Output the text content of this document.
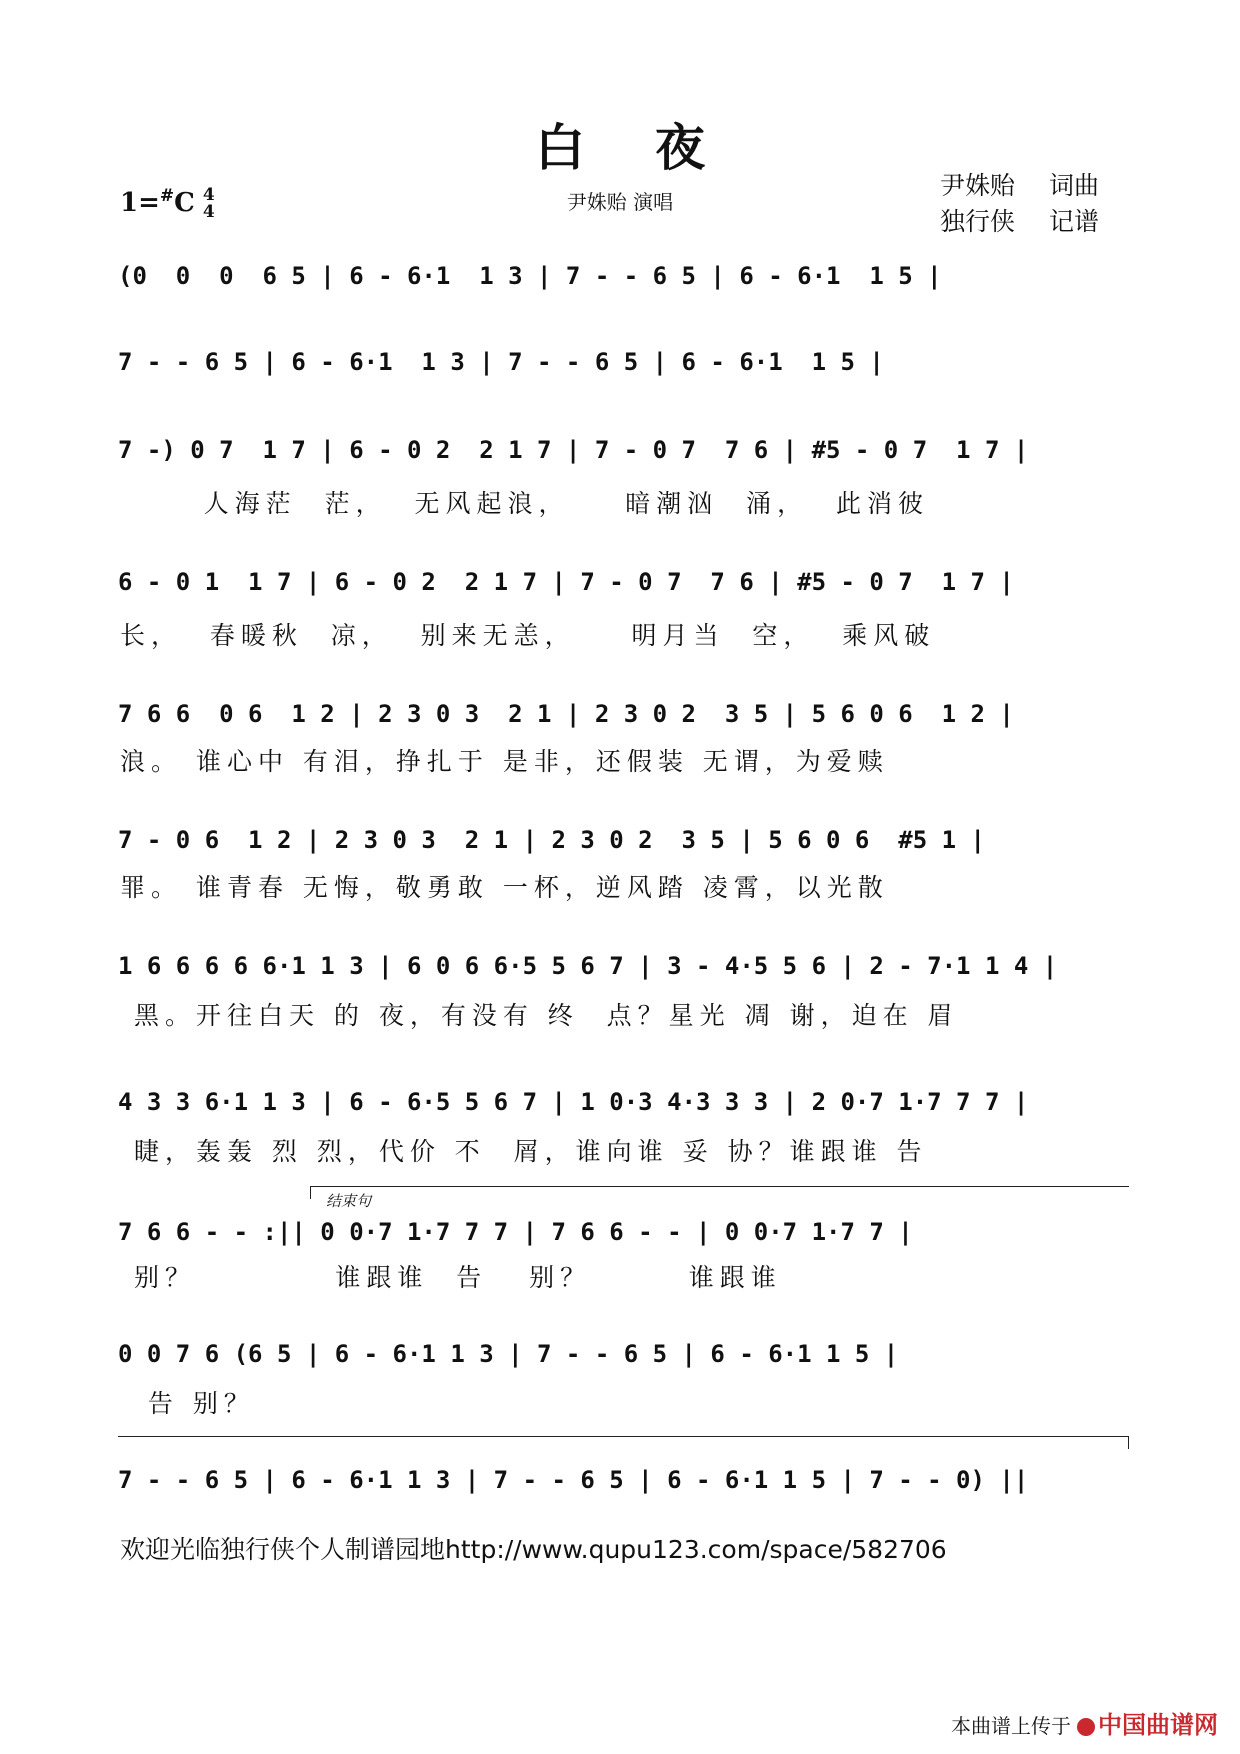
白夜
尹姝贻 演唱
1=#C 4
4
尹姝贻 词曲
独行侠 记谱
(0  0  0  6 5 | 6 - 6·1  1 3 | 7 - - 6 5 | 6 - 6·1  1 5 |
7 - - 6 5 | 6 - 6·1  1 3 | 7 - - 6 5 | 6 - 6·1  1 5 |
7 -) 0 7  1 7 | 6 - 0 2  2 1 7 | 7 - 0 7  7 6 | #5 - 0 7  1 7 |
人海茫  茫，  无风起浪，    暗潮汹  涌，  此消彼
6 - 0 1  1 7 | 6 - 0 2  2 1 7 | 7 - 0 7  7 6 | #5 - 0 7  1 7 |
长，  春暖秋  凉，  别来无恙，    明月当  空，  乘风破
7 6 6  0 6  1 2 | 2 3 0 3  2 1 | 2 3 0 2  3 5 | 5 6 0 6  1 2 |
浪。 谁心中 有泪，挣扎于 是非，还假装 无谓，为爱赎
7 - 0 6  1 2 | 2 3 0 3  2 1 | 2 3 0 2  3 5 | 5 6 0 6  #5 1 |
罪。 谁青春 无悔，敬勇敢 一杯，逆风踏 凌霄，以光散
1 6 6 6 6 6·1 1 3 | 6 0 6 6·5 5 6 7 | 3 - 4·5 5 6 | 2 - 7·1 1 4 |
黑。开往白天 的 夜，有没有 终  点？星光 凋 谢，迫在 眉
4 3 3 6·1 1 3 | 6 - 6·5 5 6 7 | 1 0·3 4·3 3 3 | 2 0·7 1·7 7 7 |
睫，轰轰 烈 烈，代价 不  屑，谁向谁 妥 协？谁跟谁 告
结束句
7 6 6 - - :|| 0 0·7 1·7 7 7 | 7 6 6 - - | 0 0·7 1·7 7 |
别？          谁跟谁  告   别？       谁跟谁
0 0 7 6 (6 5 | 6 - 6·1 1 3 | 7 - - 6 5 | 6 - 6·1 1 5 |
告 别？
7 - - 6 5 | 6 - 6·1 1 3 | 7 - - 6 5 | 6 - 6·1 1 5 | 7 - - 0) ||
欢迎光临独行侠个人制谱园地http://www.qupu123.com/space/582706
本曲谱上传于 中国曲谱网
